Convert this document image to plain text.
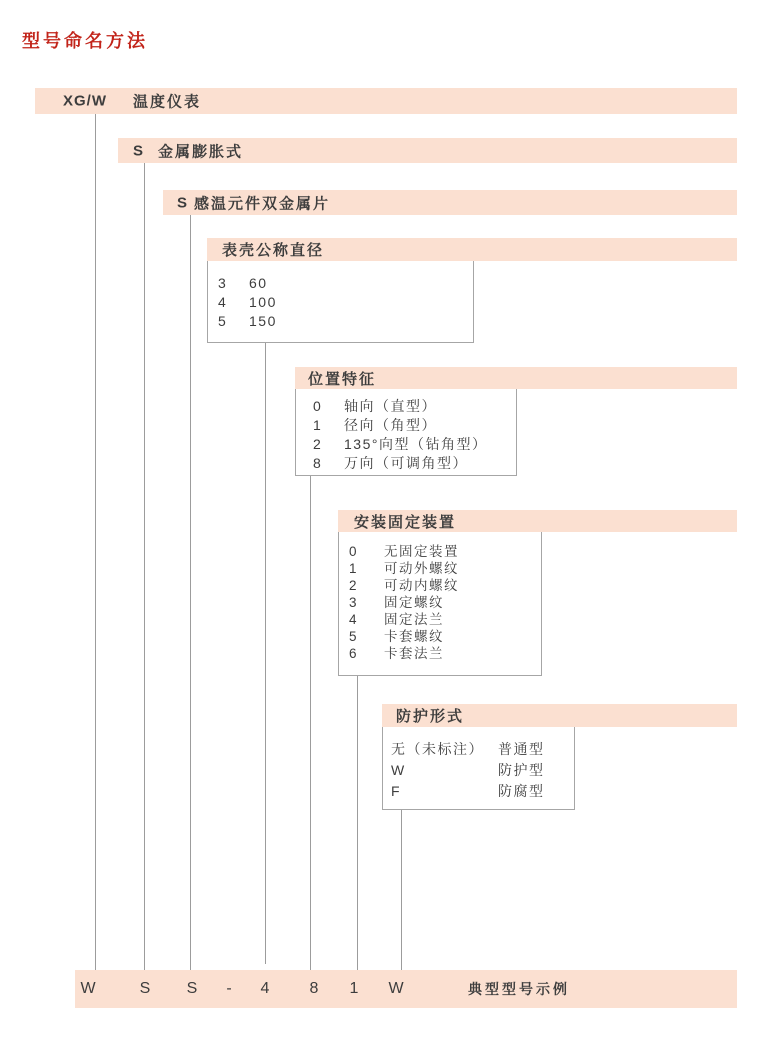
型号命名方法
XG/W 温度仪表
S 金属膨胀式
S 感温元件双金属片
表壳公称直径
3	60
4	100
5	150
位置特征
0	轴向（直型）
1	径向（角型）
2	135°向型（钻角型）
8	万向（可调角型）
安装固定装置
0	无固定装置
1	可动外螺纹
2	可动内螺纹
3	固定螺纹
4	固定法兰
5	卡套螺纹
6	卡套法兰
防护形式
无（未标注）	普通型
W	防护型
F	防腐型
W	S S - 4	8 1 W	典型型号示例
